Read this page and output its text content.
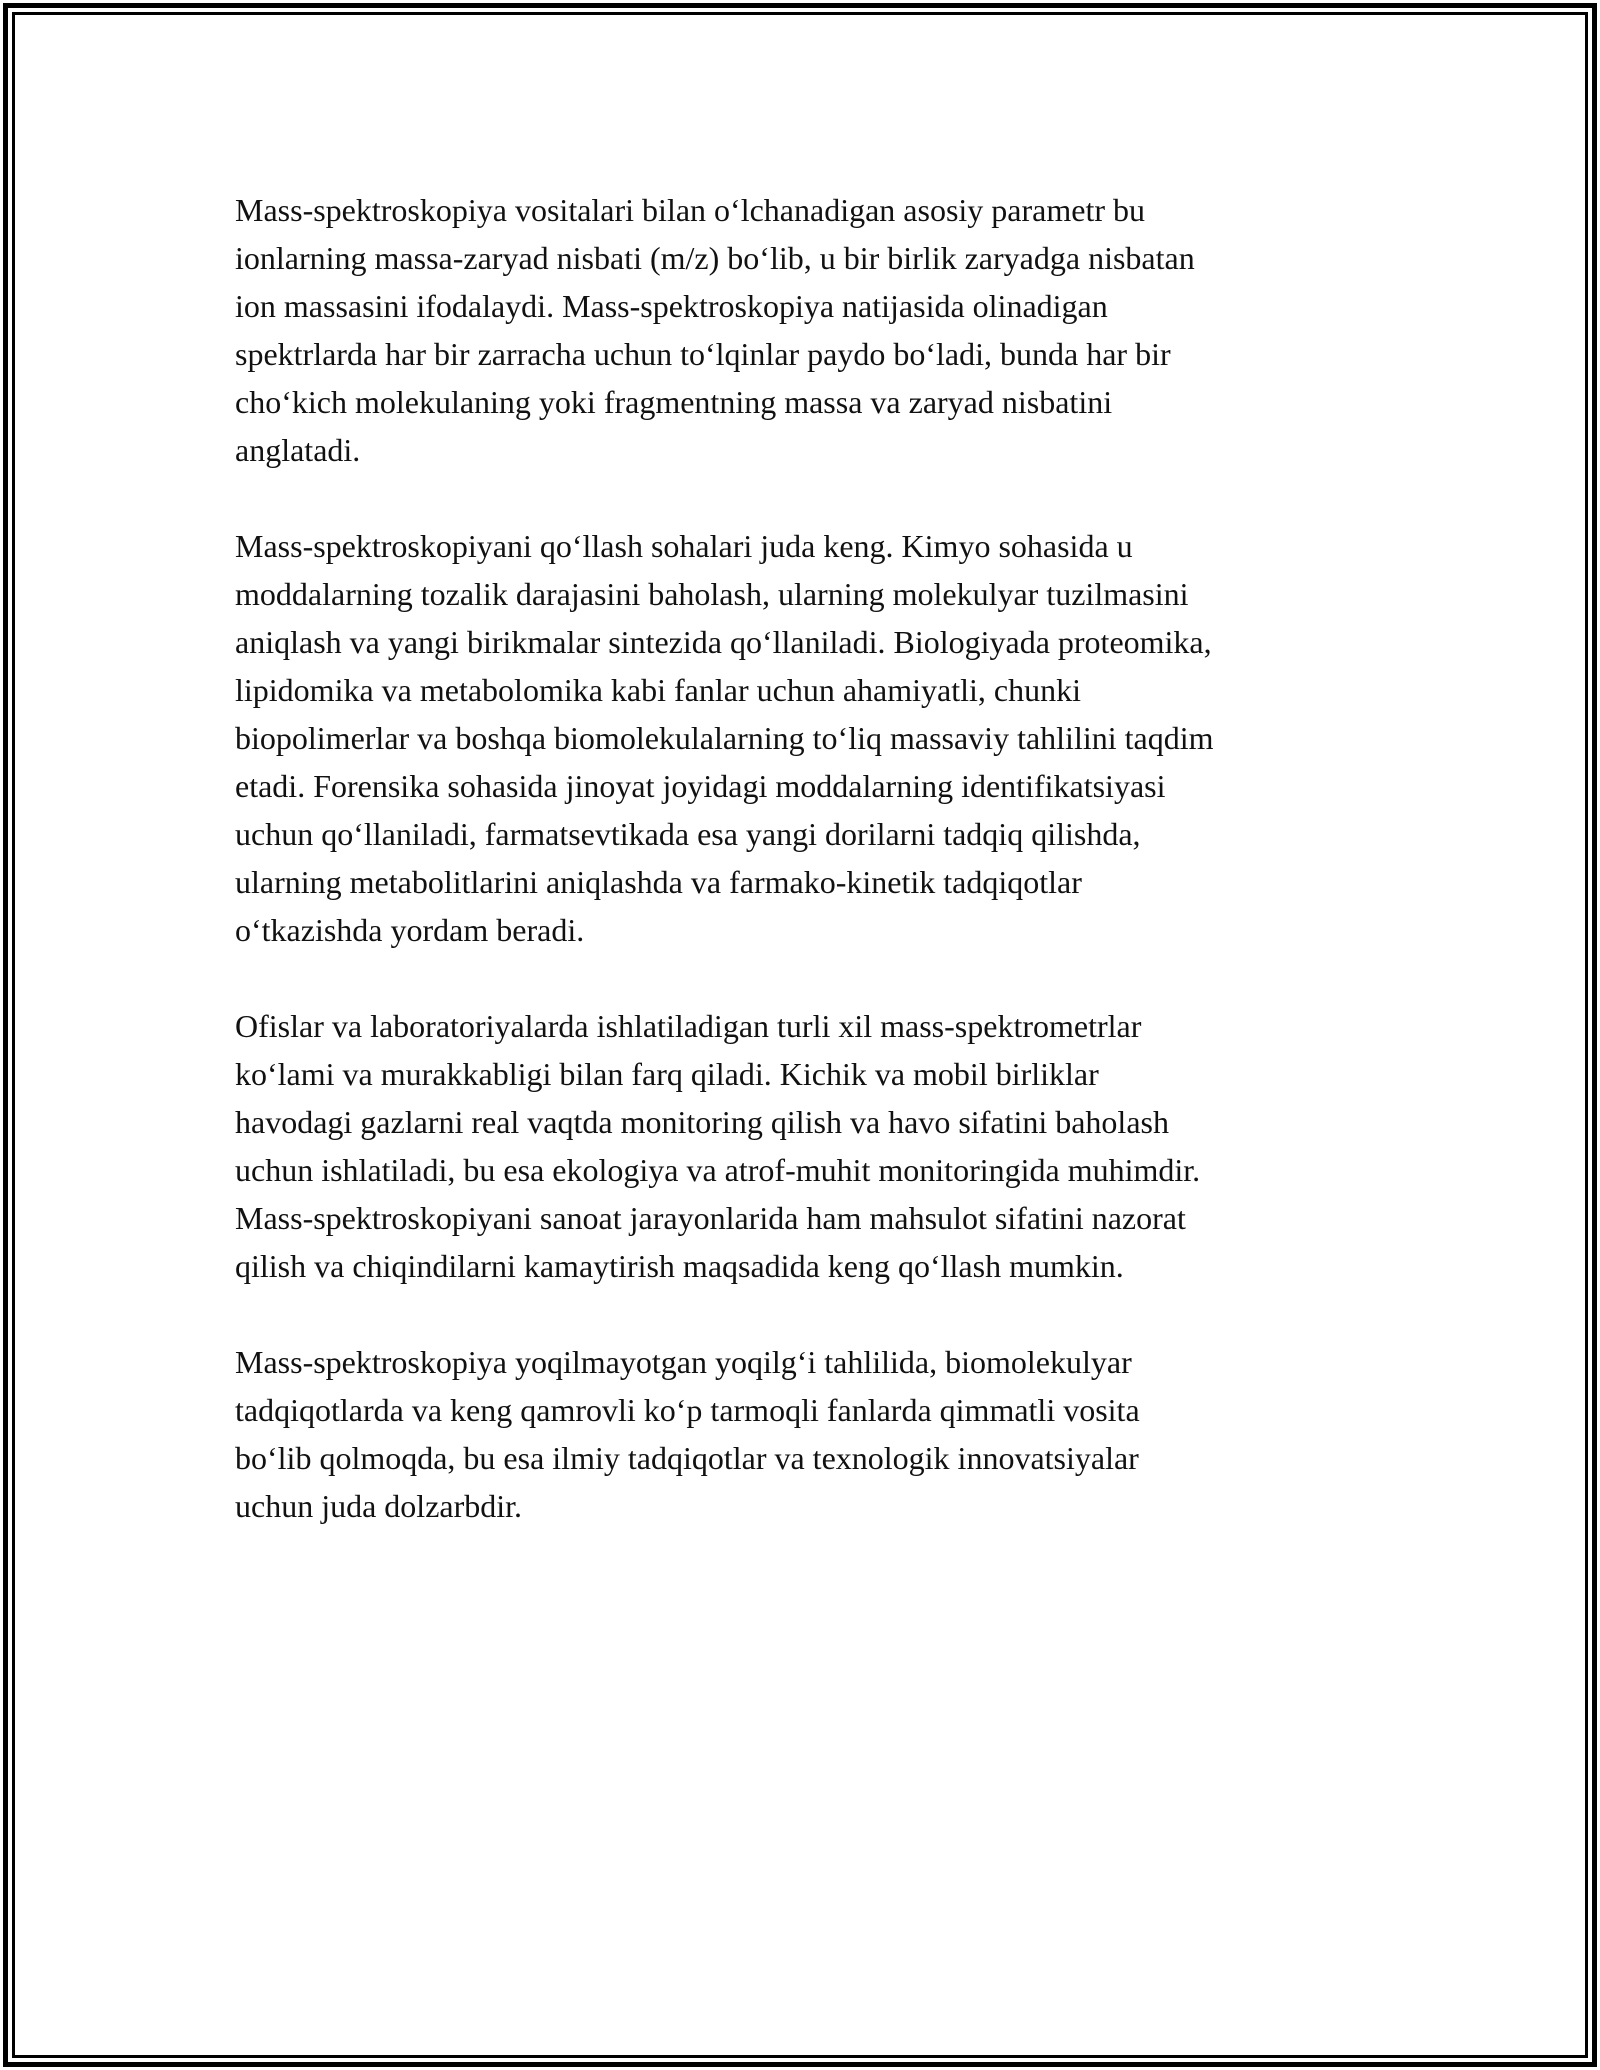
Mass-spektroskopiya vositalari bilan o‘lchanadigan asosiy parametr bu
ionlarning massa-zaryad nisbati (m/z) bo‘lib, u bir birlik zaryadga nisbatan
ion massasini ifodalaydi. Mass-spektroskopiya natijasida olinadigan
spektrlarda har bir zarracha uchun to‘lqinlar paydo bo‘ladi, bunda har bir
cho‘kich molekulaning yoki fragmentning massa va zaryad nisbatini
anglatadi.

Mass-spektroskopiyani qo‘llash sohalari juda keng. Kimyo sohasida u
moddalarning tozalik darajasini baholash, ularning molekulyar tuzilmasini
aniqlash va yangi birikmalar sintezida qo‘llaniladi. Biologiyada proteomika,
lipidomika va metabolomika kabi fanlar uchun ahamiyatli, chunki
biopolimerlar va boshqa biomolekulalarning to‘liq massaviy tahlilini taqdim
etadi. Forensika sohasida jinoyat joyidagi moddalarning identifikatsiyasi
uchun qo‘llaniladi, farmatsevtikada esa yangi dorilarni tadqiq qilishda,
ularning metabolitlarini aniqlashda va farmako-kinetik tadqiqotlar
o‘tkazishda yordam beradi.

Ofislar va laboratoriyalarda ishlatiladigan turli xil mass-spektrometrlar
ko‘lami va murakkabligi bilan farq qiladi. Kichik va mobil birliklar
havodagi gazlarni real vaqtda monitoring qilish va havo sifatini baholash
uchun ishlatiladi, bu esa ekologiya va atrof-muhit monitoringida muhimdir.
Mass-spektroskopiyani sanoat jarayonlarida ham mahsulot sifatini nazorat
qilish va chiqindilarni kamaytirish maqsadida keng qo‘llash mumkin.

Mass-spektroskopiya yoqilmayotgan yoqilg‘i tahlilida, biomolekulyar
tadqiqotlarda va keng qamrovli ko‘p tarmoqli fanlarda qimmatli vosita
bo‘lib qolmoqda, bu esa ilmiy tadqiqotlar va texnologik innovatsiyalar
uchun juda dolzarbdir.
